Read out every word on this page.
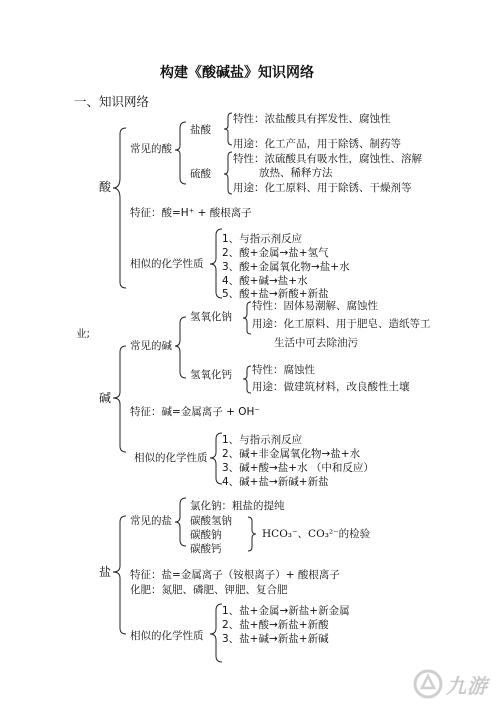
构建《酸碱盐》知识网络
一、知识网络
酸
常见的酸
盐酸
特性：浓盐酸具有挥发性、腐蚀性
用途：化工产品，用于除锈、制药等
硫酸
特性：浓硫酸具有吸水性，腐蚀性、溶解
放热、稀释方法
用途：化工原料、用于除锈、干燥剂等
特征：酸=H⁺ + 酸根离子
相似的化学性质
1、与指示剂反应
2、酸+金属→盐+氢气
3、酸+金属氧化物→盐+水
4、酸+碱→盐+水
5、酸+盐→新酸+新盐
业;
碱
常见的碱
氢氧化钠
特性：固体易潮解、腐蚀性
用途：化工原料、用于肥皂、造纸等工
生活中可去除油污
氢氧化钙 特性：腐蚀性
用途：做建筑材料，改良酸性土壤
特征：碱=金属离子 + OH⁻
相似的化学性质
1、与指示剂反应
2、碱+非金属氧化物→盐+水
3、碱+酸→盐+水 （中和反应）
4、碱+盐→新碱+新盐
盐
常见的盐
氯化钠：粗盐的提纯
碳酸氢钠
碳酸钠
碳酸钙
HCO₃⁻、CO₃²⁻的检验
特征：盐=金属离子（铵根离子）+ 酸根离子
化肥：氮肥、磷肥、钾肥、复合肥
相似的化学性质
1、盐+金属→新盐+新金属
2、盐+酸→新盐+新酸
3、盐+碱→新盐+新碱
九游
